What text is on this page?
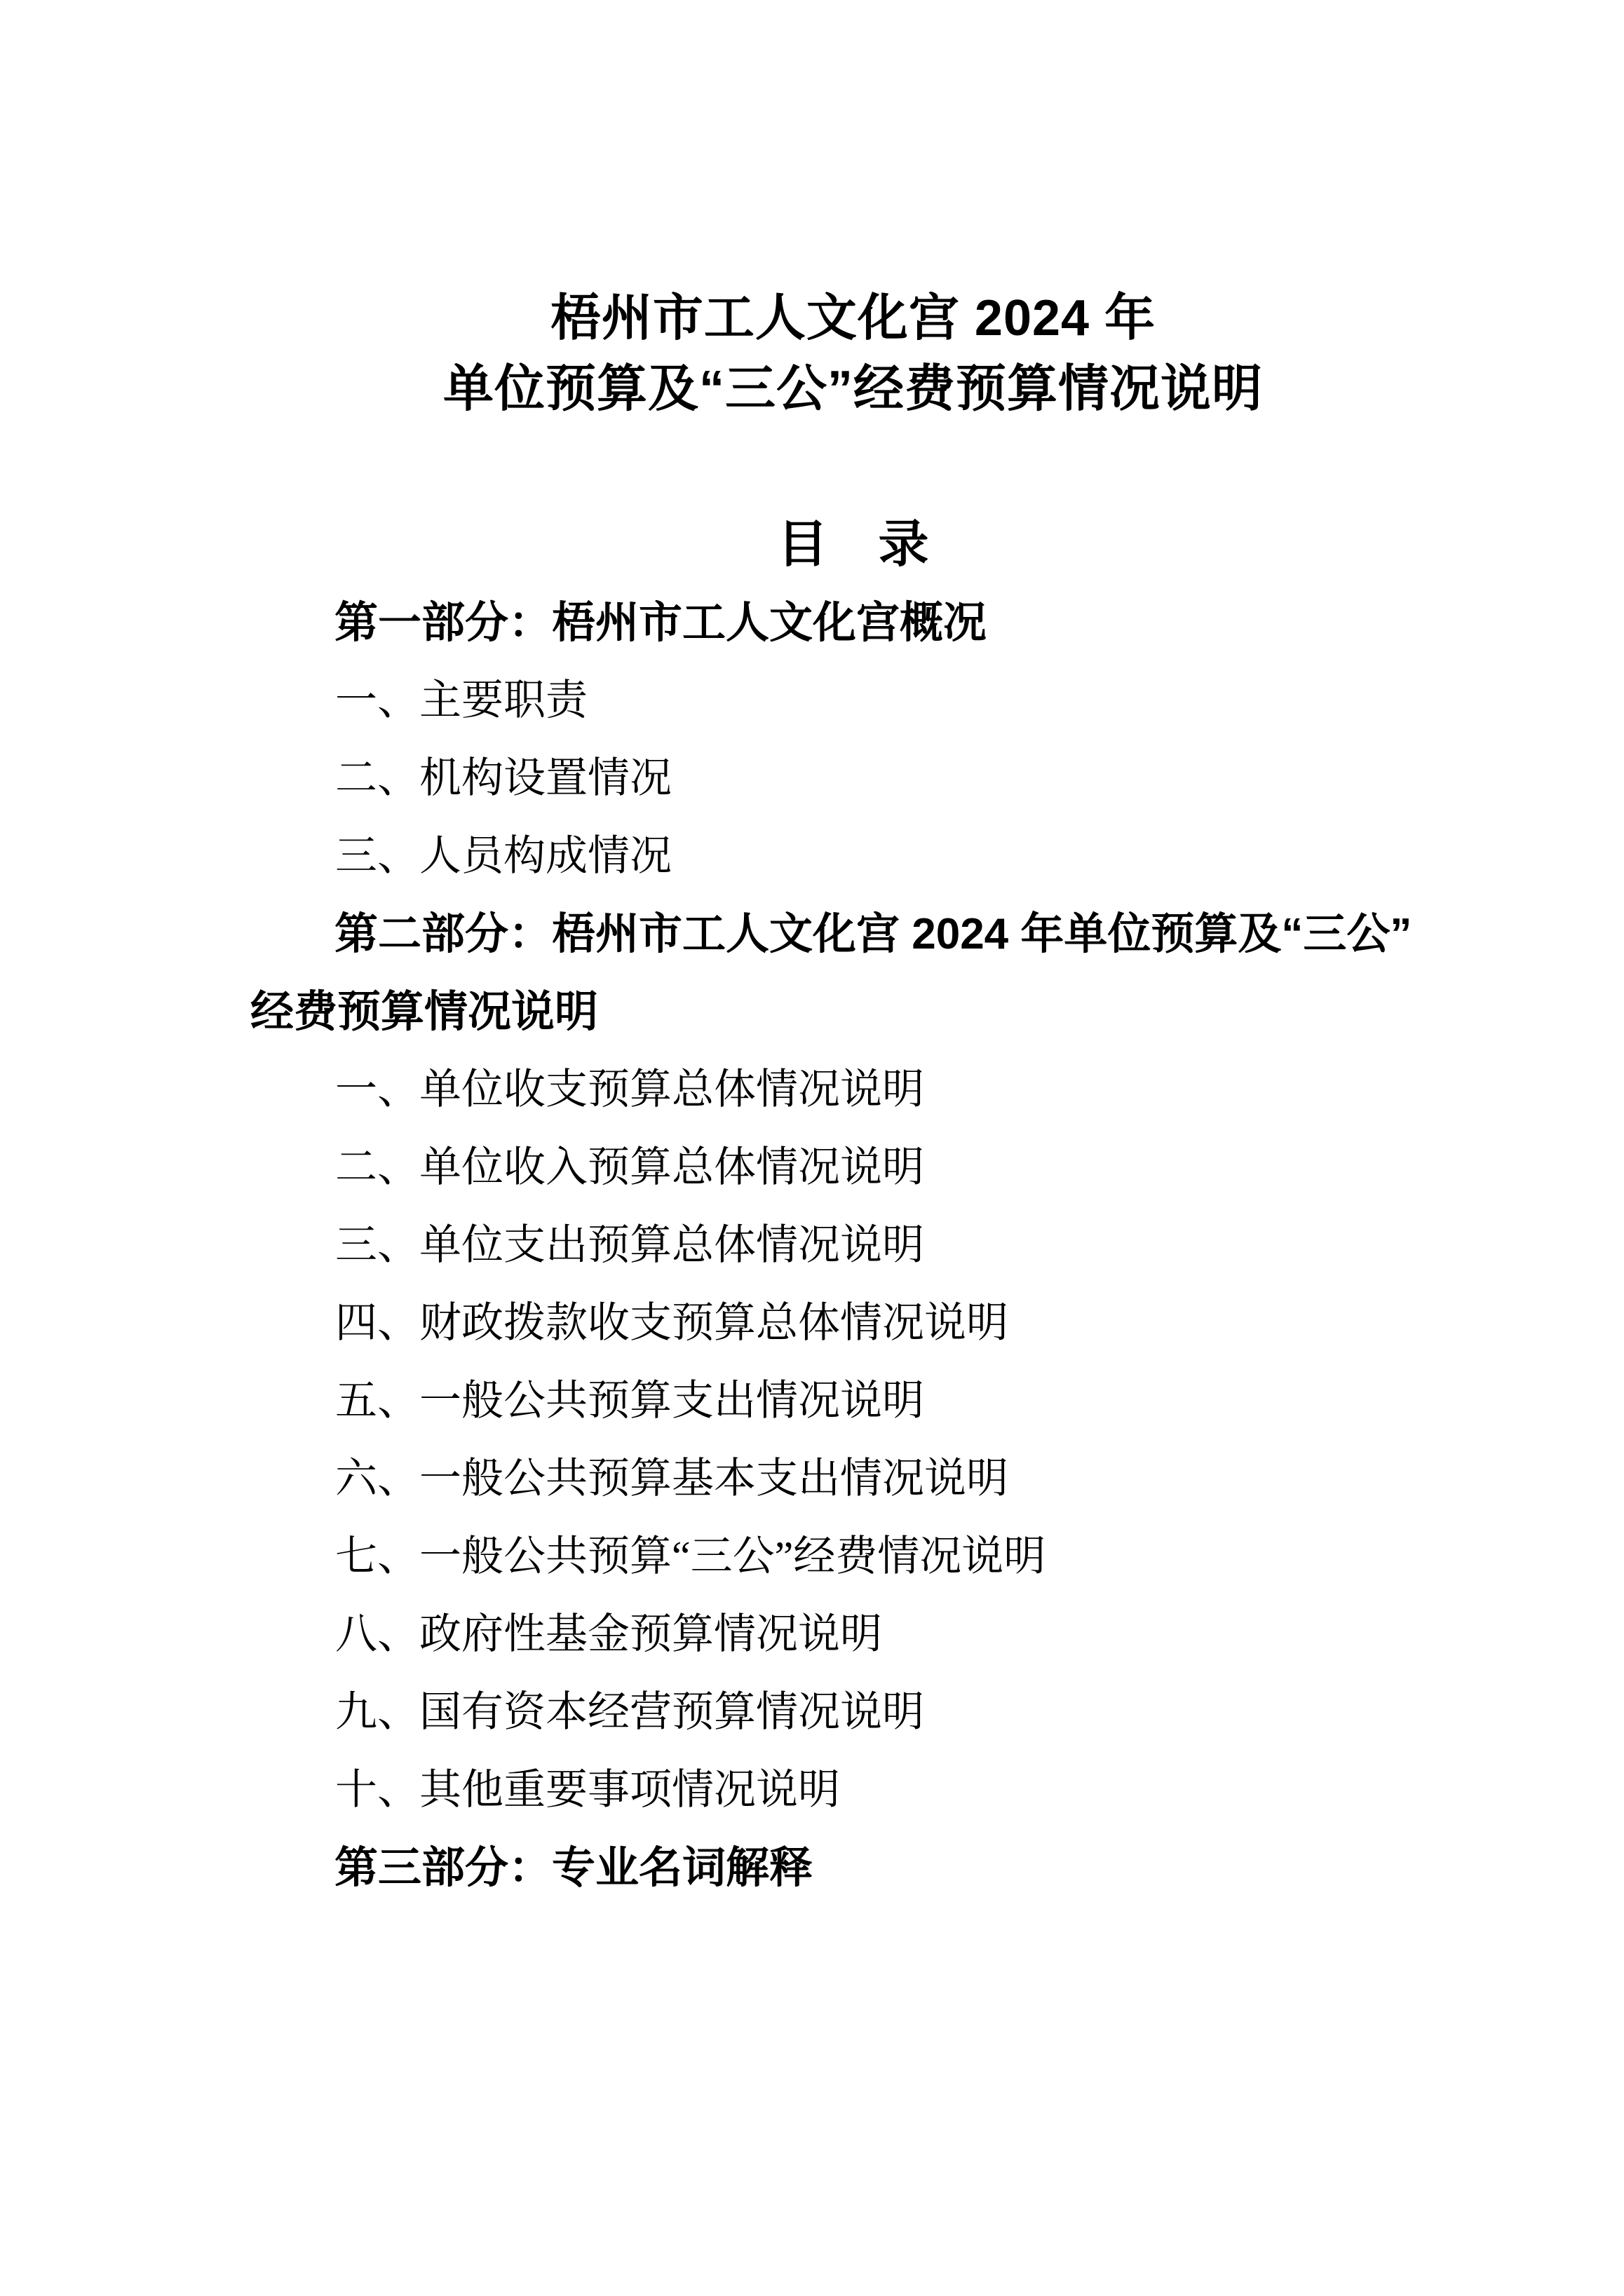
梧州市工人文化宫 2024 年
单位预算及“三公”经费预算情况说明
目　录
第一部分：梧州市工人文化宫概况
一、主要职责
二、机构设置情况
三、人员构成情况
第二部分：梧州市工人文化宫 2024 年单位预算及“三公”
经费预算情况说明
一、单位收支预算总体情况说明
二、单位收入预算总体情况说明
三、单位支出预算总体情况说明
四、财政拨款收支预算总体情况说明
五、一般公共预算支出情况说明
六、一般公共预算基本支出情况说明
七、一般公共预算“三公”经费情况说明
八、政府性基金预算情况说明
九、国有资本经营预算情况说明
十、其他重要事项情况说明
第三部分：专业名词解释
